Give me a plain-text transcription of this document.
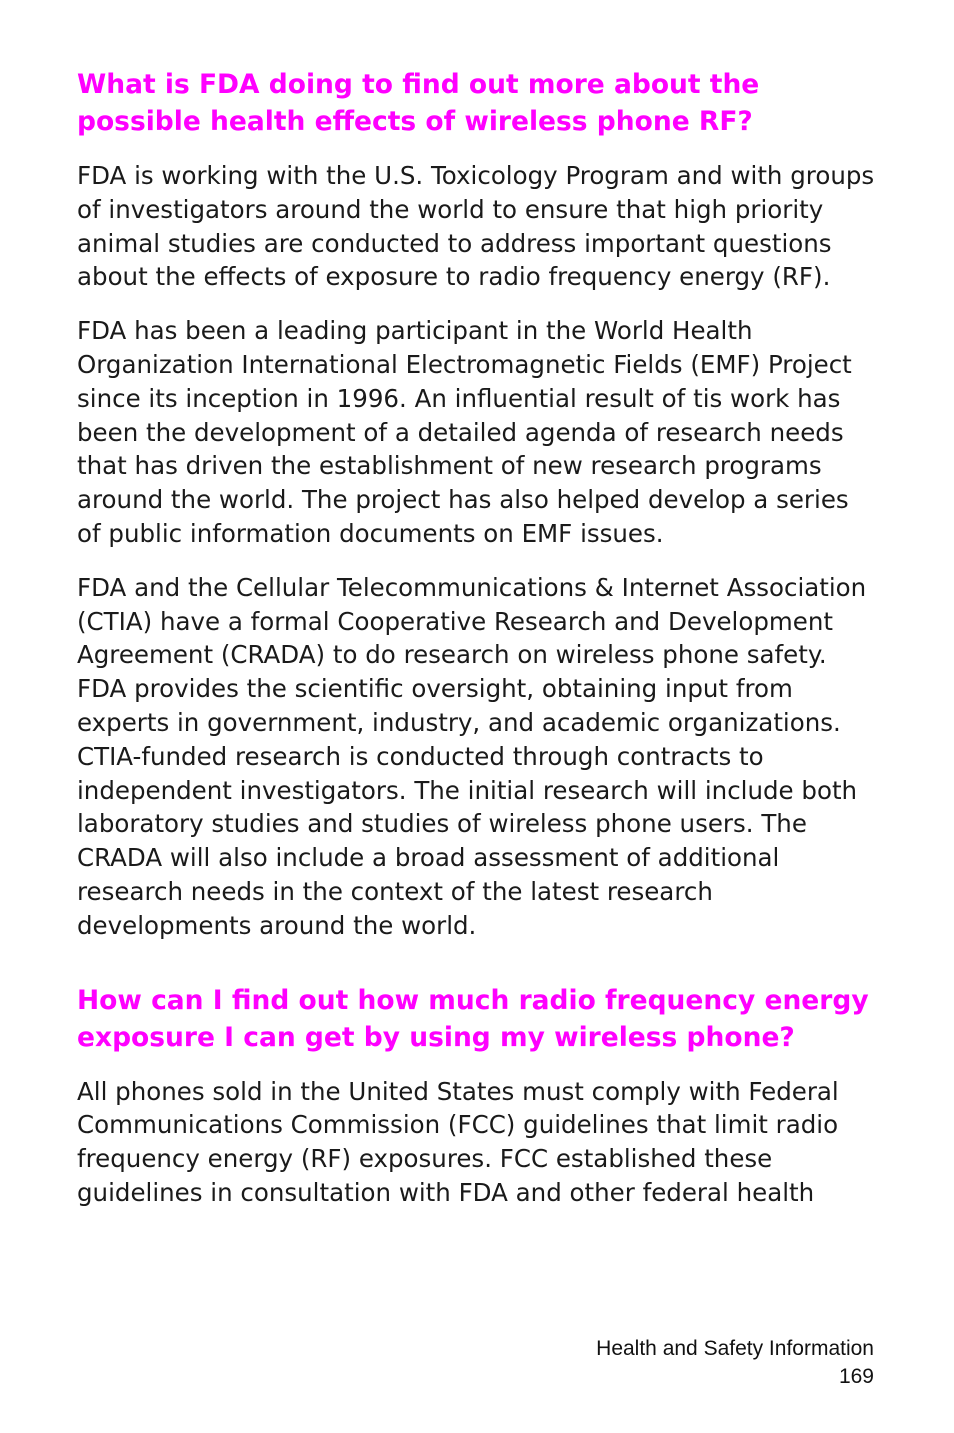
What is FDA doing to find out more about the possible health effects of wireless phone RF?

FDA is working with the U.S. Toxicology Program and with groups of investigators around the world to ensure that high priority animal studies are conducted to address important questions about the effects of exposure to radio frequency energy (RF).

FDA has been a leading participant in the World Health Organization International Electromagnetic Fields (EMF) Project since its inception in 1996. An influential result of tis work has been the development of a detailed agenda of research needs that has driven the establishment of new research programs around the world. The project has also helped develop a series of public information documents on EMF issues.

FDA and the Cellular Telecommunications & Internet Association (CTIA) have a formal Cooperative Research and Development Agreement (CRADA) to do research on wireless phone safety. FDA provides the scientific oversight, obtaining input from experts in government, industry, and academic organizations. CTIA-funded research is conducted through contracts to independent investigators. The initial research will include both laboratory studies and studies of wireless phone users. The CRADA will also include a broad assessment of additional research needs in the context of the latest research developments around the world.

How can I find out how much radio frequency energy exposure I can get by using my wireless phone?

All phones sold in the United States must comply with Federal Communications Commission (FCC) guidelines that limit radio frequency energy (RF) exposures. FCC established these guidelines in consultation with FDA and other federal health

Health and Safety Information
169
